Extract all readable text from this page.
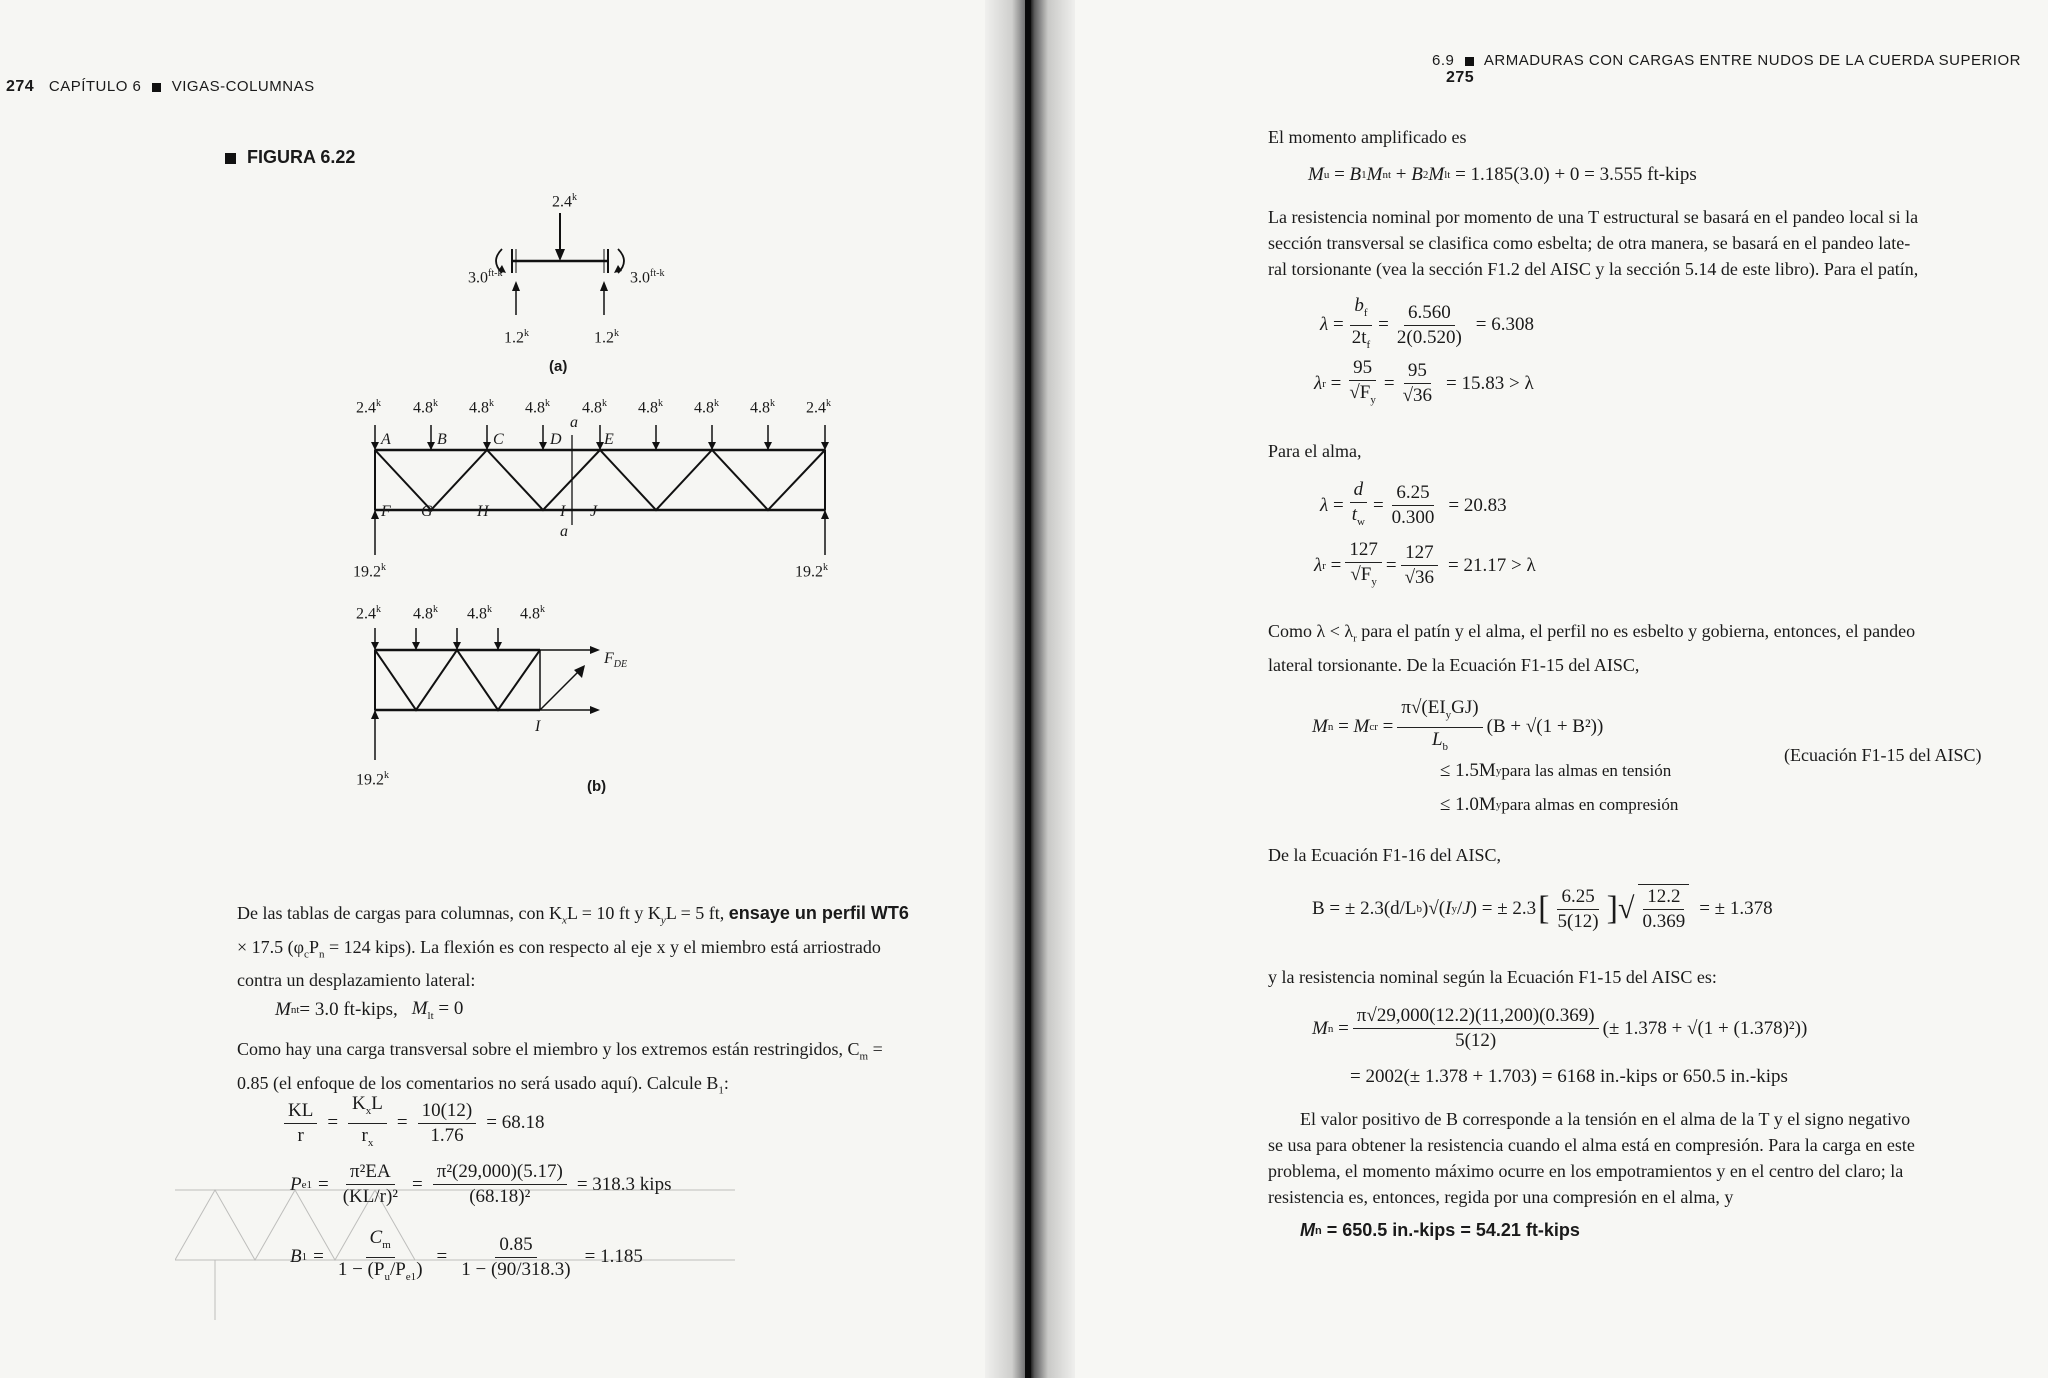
274 CAPÍTULO 6 VIGAS-COLUMNAS
FIGURA 6.22
2.4$^k$
$3.0^{ft-k}$	$3.0^{ft-k}$
1.2$^k$	1.2$^k$
(a)
2.4$^k$ 4.8$^k$ 4.8$^k$ 4.8$^k$ 4.8$^k$ 4.8$^k$ 4.8$^k$ 4.8$^k$ 2.4$^k$
a
A	B	C	D	E
F G	H	I J
a
19.2$^k$	19.2$^k$
2.4$^k$ 4.8$^k$ 4.8$^k$ 4.8$^k$
$F_{DE}$
I
19.2$^k$
(b)
De las tablas de cargas para columnas, con $K_xL = 10$ ft y $K_yL = 5$ ft, ensaye un perfil WT6
× 17.5 ($\varphi_cP_n = 124$ kips). La flexión es con respecto al eje x y el miembro está arriostrado
contra un desplazamiento lateral:
M nt = 3.0 ft-kips, $M_{lt} = 0$
Como hay una carga transversal sobre el miembro y los extremos están restringidos, $C_m$ =
0.85 (el enfoque de los comentarios no será usado aquí). Calcule $B_1$:
$\frac{KL}{r} = \frac{K_xL}{r_x} = \frac{10(12)}{1.76} = 68.18$
P $e1 = \frac{\text{π²EA}}{\text{(KL/r)²}} = \frac{\text{π²(29,000)(5.17)}}{\text{(68.18)²}} = 318.3$ kips
B $1 = \frac{C_m}{1 - (P_u/P_{e1})} = \frac{0.85}{1 - (90/318.3)} = 1.185$
6.9 ARMADURAS CON CARGAS ENTRE NUDOS DE LA CUERDA SUPERIOR 275
El momento amplificado es
M u = B 1 M nt + B 2 M lt
= 1.185(3.0) + 0 = 3.555 ft-kips
La resistencia nominal por momento de una T estructural se basará en el pandeo local si la
sección transversal se clasifica como esbelta; de otra manera, se basará en el pandeo late-
ral torsionante (vea la sección F1.2 del AISC y la sección 5.14 de este libro). Para el patín,
$\lambda = \frac{b_f}{2t_f} = \frac{6.560}{2(0.520)} = 6.308$
λ $r = \frac{95}{√F_y} = \frac{95}{√36} = 15.83 > \lambda$
Para el alma,
$\lambda = \frac{d}{t_w} = \frac{6.25}{0.300} = 20.83$
λ $r = \frac{127}{√F_y} = \frac{127}{√36} = 21.17 > \lambda$
Como $\lambda < \lambda_r$ para el patín y el alma, el perfil no es esbelto y gobierna, entonces, el pandeo
lateral torsionante. De la Ecuación F1-15 del AISC,
M n = M cr = $\frac{\pi√(EI_yGJ)}{L_b} (B + √(1 + B^2))$
≤ 1.5M y para las almas en tensión
≤ 1.0M y para almas en compresión
(Ecuación F1-15 del AISC)
De la Ecuación F1-16 del AISC,
B = ± 2.3(d/L b )√( I y / J ) = ± 2.3 [ $\frac{6.25}{5(12)}$ ] √ $\frac{12.2}{0.369}$ = ± 1.378
y la resistencia nominal según la Ecuación F1-15 del AISC es:
M $n = \frac{\pi√29,000(12.2)(11,200)(0.369)}{5(12)}$ (± 1.378 + √(1 + (1.378)²))
= 2002(± 1.378 + 1.703) = 6168 in.-kips or 650.5 in.-kips
El valor positivo de B corresponde a la tensión en el alma de la T y el signo negativo
se usa para obtener la resistencia cuando el alma está en compresión. Para la carga en este
problema, el momento máximo ocurre en los empotramientos y en el centro del claro; la
resistencia es, entonces, regida por una compresión en el alma, y
M n
= 650.5 in.-kips = 54.21 ft-kips
